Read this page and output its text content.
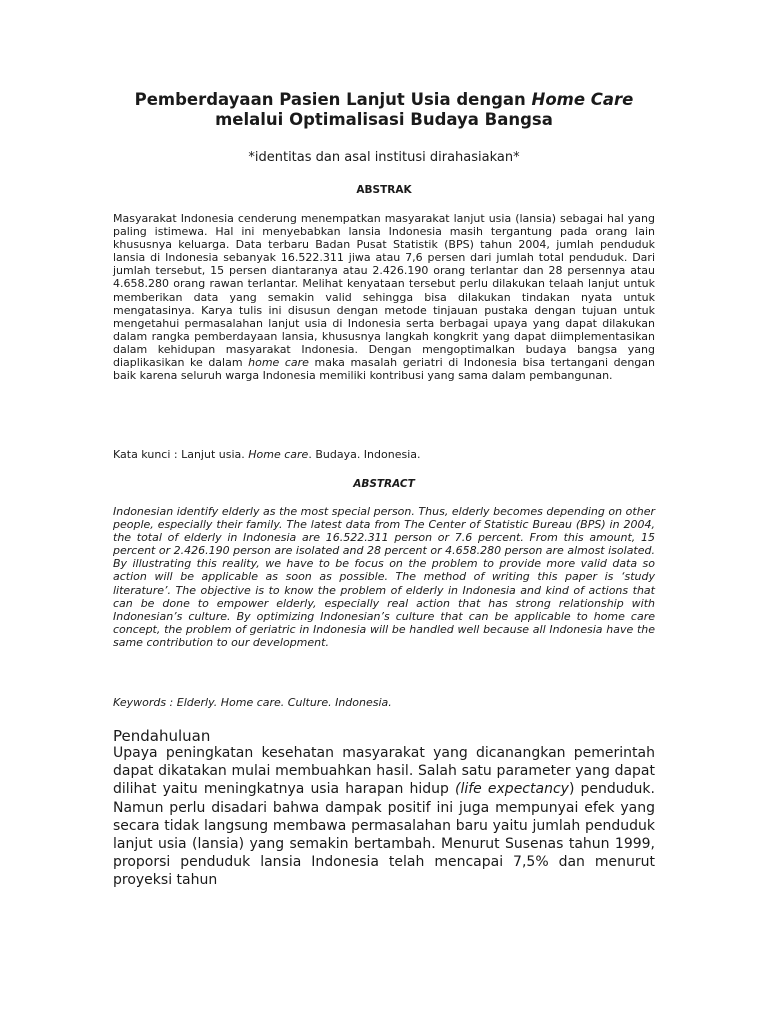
Pemberdayaan Pasien Lanjut Usia dengan Home Care
melalui Optimalisasi Budaya Bangsa
*identitas dan asal institusi dirahasiakan*
ABSTRAK

Masyarakat Indonesia cenderung menempatkan masyarakat lanjut usia (lansia) sebagai hal yang paling istimewa. Hal ini menyebabkan lansia Indonesia masih tergantung pada orang lain khususnya keluarga. Data terbaru Badan Pusat Statistik (BPS) tahun 2004, jumlah penduduk lansia di Indonesia sebanyak 16.522.311 jiwa atau 7,6 persen dari jumlah total penduduk. Dari jumlah tersebut, 15 persen diantaranya atau 2.426.190 orang terlantar dan 28 persennya atau 4.658.280 orang rawan terlantar. Melihat kenyataan tersebut perlu dilakukan telaah lanjut untuk memberikan data yang semakin valid sehingga bisa dilakukan tindakan nyata untuk mengatasinya. Karya tulis ini disusun dengan metode tinjauan pustaka dengan tujuan untuk mengetahui permasalahan lanjut usia di Indonesia serta berbagai upaya yang dapat dilakukan dalam rangka pemberdayaan lansia, khususnya langkah kongkrit yang dapat diimplementasikan dalam kehidupan masyarakat Indonesia. Dengan mengoptimalkan budaya bangsa yang diaplikasikan ke dalam home care maka masalah geriatri di Indonesia bisa tertangani dengan baik karena seluruh warga Indonesia memiliki kontribusi yang sama dalam pembangunan.

Kata kunci : Lanjut usia. Home care. Budaya. Indonesia.
ABSTRACT

Indonesian identify elderly as the most special person. Thus, elderly becomes depending on other people, especially their family. The latest data from The Center of Statistic Bureau (BPS) in 2004, the total of elderly in Indonesia are 16.522.311 person or 7.6 percent. From this amount, 15 percent or 2.426.190 person are isolated and 28 percent or 4.658.280 person are almost isolated. By illustrating this reality, we have to be focus on the problem to provide more valid data so action will be applicable as soon as possible. The method of writing this paper is ‘study literature’. The objective is to know the problem of elderly in Indonesia and kind of actions that can be done to empower elderly, especially real action that has strong relationship with Indonesian’s culture. By optimizing Indonesian’s culture that can be applicable to home care concept, the problem of geriatric in Indonesia will be handled well because all Indonesia have the same contribution to our development.

Keywords : Elderly. Home care. Culture. Indonesia.
Pendahuluan

Upaya peningkatan kesehatan masyarakat yang dicanangkan pemerintah dapat dikatakan mulai membuahkan hasil. Salah satu parameter yang dapat dilihat yaitu meningkatnya usia harapan hidup (life expectancy) penduduk. Namun perlu disadari bahwa dampak positif ini juga mempunyai efek yang secara tidak langsung membawa permasalahan baru yaitu jumlah penduduk lanjut usia (lansia) yang semakin bertambah. Menurut Susenas tahun 1999, proporsi penduduk lansia Indonesia telah mencapai 7,5% dan menurut proyeksi tahun
